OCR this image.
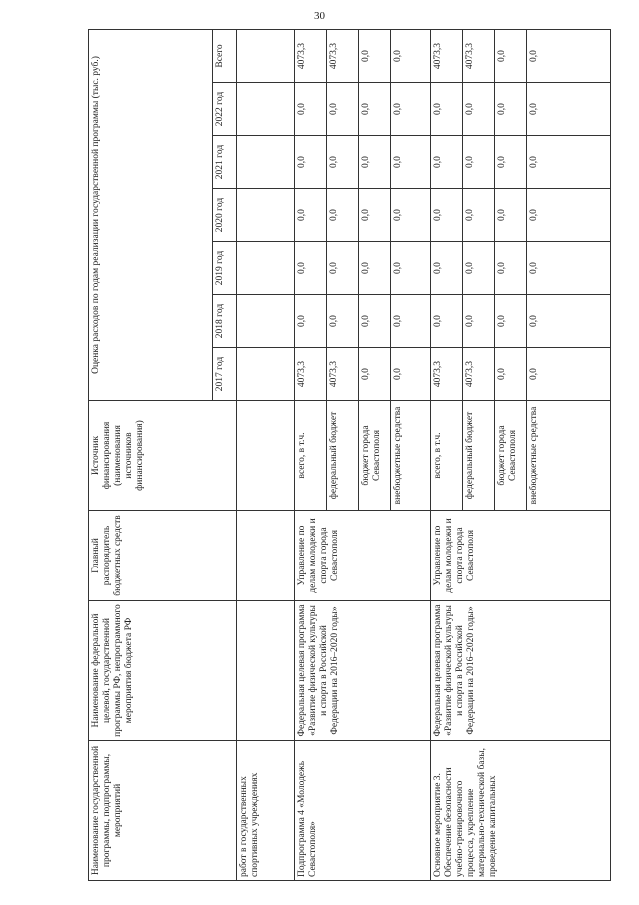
30
Наименование государственной программы, подпрограммы, мероприятий	Наименование федеральной целевой, государственной программы РФ, непрограммного мероприятия бюджета РФ	Главный распорядитель бюджетных средств	Источник финансирования (наименования источников финансирования)	Оценка расходов по годам реализации государственной программы (тыс. руб.)						
				2017 год	2018 год	2019 год	2020 год	2021 год	2022 год	Всего
работ в государственных спортивных учреждениях										
Подпрограмма 4 «Молодежь Севастополя»	Федеральная целевая программа «Развитие физической культуры и спорта в Российской Федерации на 2016–2020 годы»	Управление по делам молодежи и спорта города Севастополя	всего, в т.ч.	4073,3	0,0	0,0	0,0	0,0	0,0	4073,3
			федеральный бюджет	4073,3	0,0	0,0	0,0	0,0	0,0	4073,3
			бюджет города Севастополя	0,0	0,0	0,0	0,0	0,0	0,0	0,0
			внебюджетные средства	0,0	0,0	0,0	0,0	0,0	0,0	0,0
Основное мероприятие 3. Обеспечение безопасности учебно-тренировочного процесса, укрепление материально-технической базы, проведение капитальных	Федеральная целевая программа «Развитие физической культуры и спорта в Российской Федерации на 2016–2020 годы»	Управление по делам молодежи и спорта города Севастополя	всего, в т.ч.	4073,3	0,0	0,0	0,0	0,0	0,0	4073,3
			федеральный бюджет	4073,3	0,0	0,0	0,0	0,0	0,0	4073,3
			бюджет города Севастополя	0,0	0,0	0,0	0,0	0,0	0,0	0,0
			внебюджетные средства	0,0	0,0	0,0	0,0	0,0	0,0	0,0
